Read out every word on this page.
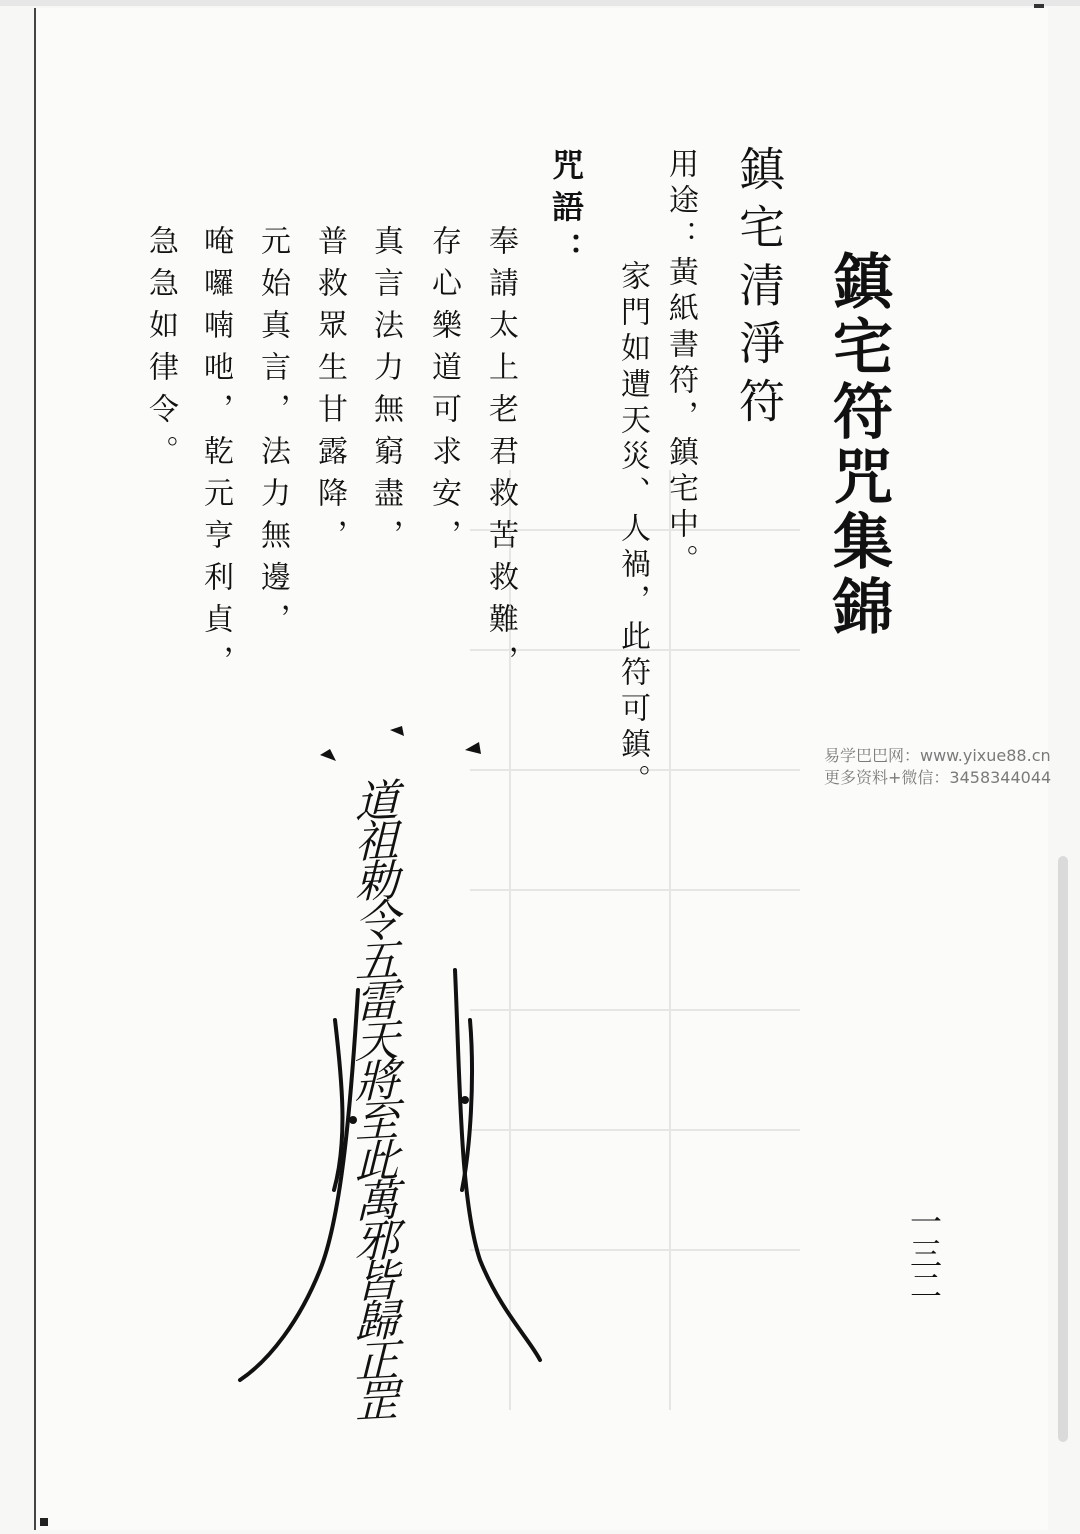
鎮宅符咒集錦
鎮宅清淨符
用途：黃紙書符，鎮宅中。
家門如遭天災、人禍，此符可鎮。
咒語：
奉請太上老君救苦救難，
存心樂道可求安，
真言法力無窮盡，
普救眾生甘露降，
元始真言，法力無邊，
唵囉喃吔，乾元亨利貞，
急急如律令。
道祖勅令五雷天將至此萬邪皆歸正罡	一三二
易学巴巴网：www.yixue88.cn
更多资料+微信：3458344044
